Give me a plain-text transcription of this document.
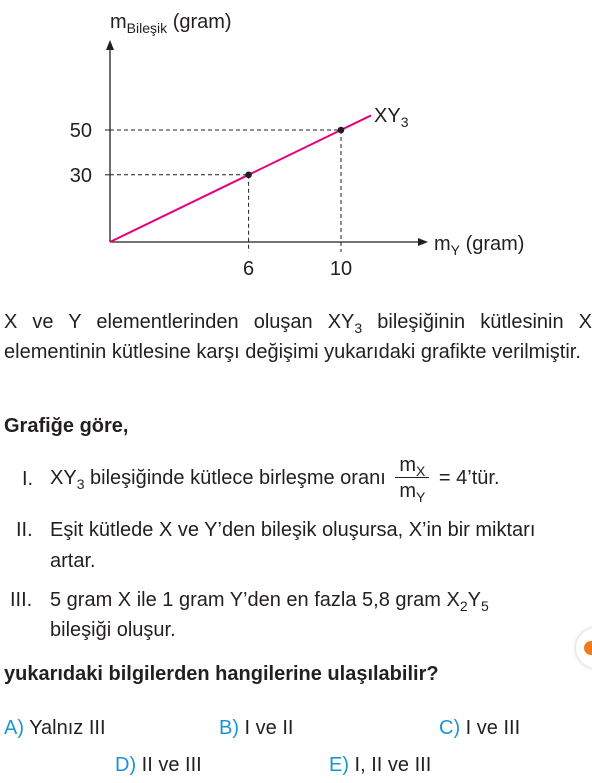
6
30
10
50
$m_{Bileşik}$ (gram)
$m_Y$ (gram)
$XY_3$
X ve Y elementlerinden oluşan $XY_3$ bileşiğinin kütlesinin X elementinin kütlesine karşı değişimi yukarıdaki grafikte verilmiştir.
Grafiğe göre,
I. $XY_3$ bileşiğinde kütlece birleşme oranı $\frac{m_X}{m_Y}$ = 4’tür.
II. Eşit kütlede X ve Y’den bileşik oluşursa, X’in bir miktarı
artar.
III. 5 gram X ile 1 gram Y’den en fazla 5,8 gram $X_2Y_5$
bileşiği oluşur.
yukarıdaki bilgilerden hangilerine ulaşılabilir?
A) Yalnız III	B) I ve II	C) I ve III
D) II ve III	E) I, II ve III
